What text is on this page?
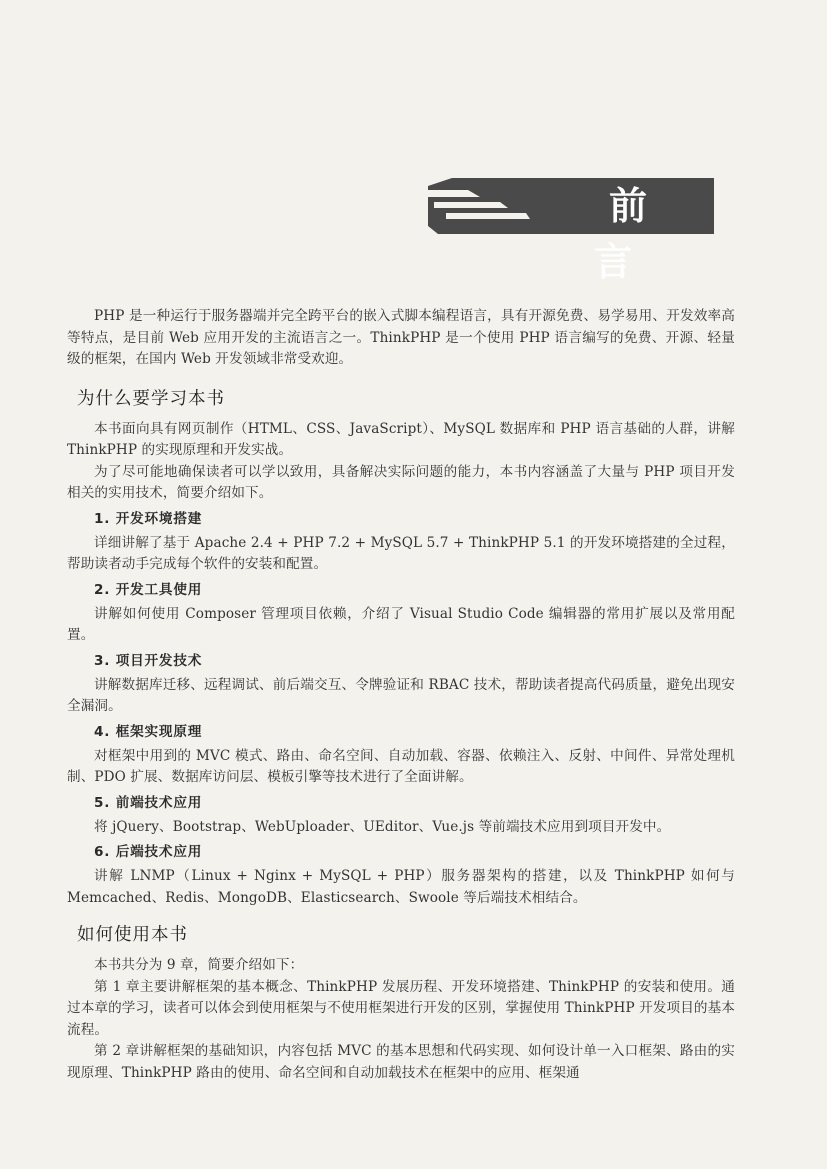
前言

PHP 是一种运行于服务器端并完全跨平台的嵌入式脚本编程语言，具有开源免费、易学易用、开发效率高等特点，是目前 Web 应用开发的主流语言之一。ThinkPHP 是一个使用 PHP 语言编写的免费、开源、轻量级的框架，在国内 Web 开发领域非常受欢迎。

为什么要学习本书

本书面向具有网页制作（HTML、CSS、JavaScript）、MySQL 数据库和 PHP 语言基础的人群，讲解 ThinkPHP 的实现原理和开发实战。

为了尽可能地确保读者可以学以致用，具备解决实际问题的能力，本书内容涵盖了大量与 PHP 项目开发相关的实用技术，简要介绍如下。

1. 开发环境搭建

详细讲解了基于 Apache 2.4 + PHP 7.2 + MySQL 5.7 + ThinkPHP 5.1 的开发环境搭建的全过程，帮助读者动手完成每个软件的安装和配置。

2. 开发工具使用

讲解如何使用 Composer 管理项目依赖，介绍了 Visual Studio Code 编辑器的常用扩展以及常用配置。

3. 项目开发技术

讲解数据库迁移、远程调试、前后端交互、令牌验证和 RBAC 技术，帮助读者提高代码质量，避免出现安全漏洞。

4. 框架实现原理

对框架中用到的 MVC 模式、路由、命名空间、自动加载、容器、依赖注入、反射、中间件、异常处理机制、PDO 扩展、数据库访问层、模板引擎等技术进行了全面讲解。

5. 前端技术应用

将 jQuery、Bootstrap、WebUploader、UEditor、Vue.js 等前端技术应用到项目开发中。

6. 后端技术应用

讲解 LNMP（Linux + Nginx + MySQL + PHP）服务器架构的搭建，以及 ThinkPHP 如何与 Memcached、Redis、MongoDB、Elasticsearch、Swoole 等后端技术相结合。

如何使用本书

本书共分为 9 章，简要介绍如下：

第 1 章主要讲解框架的基本概念、ThinkPHP 发展历程、开发环境搭建、ThinkPHP 的安装和使用。通过本章的学习，读者可以体会到使用框架与不使用框架进行开发的区别，掌握使用 ThinkPHP 开发项目的基本流程。

第 2 章讲解框架的基础知识，内容包括 MVC 的基本思想和代码实现、如何设计单一入口框架、路由的实现原理、ThinkPHP 路由的使用、命名空间和自动加载技术在框架中的应用、框架通
